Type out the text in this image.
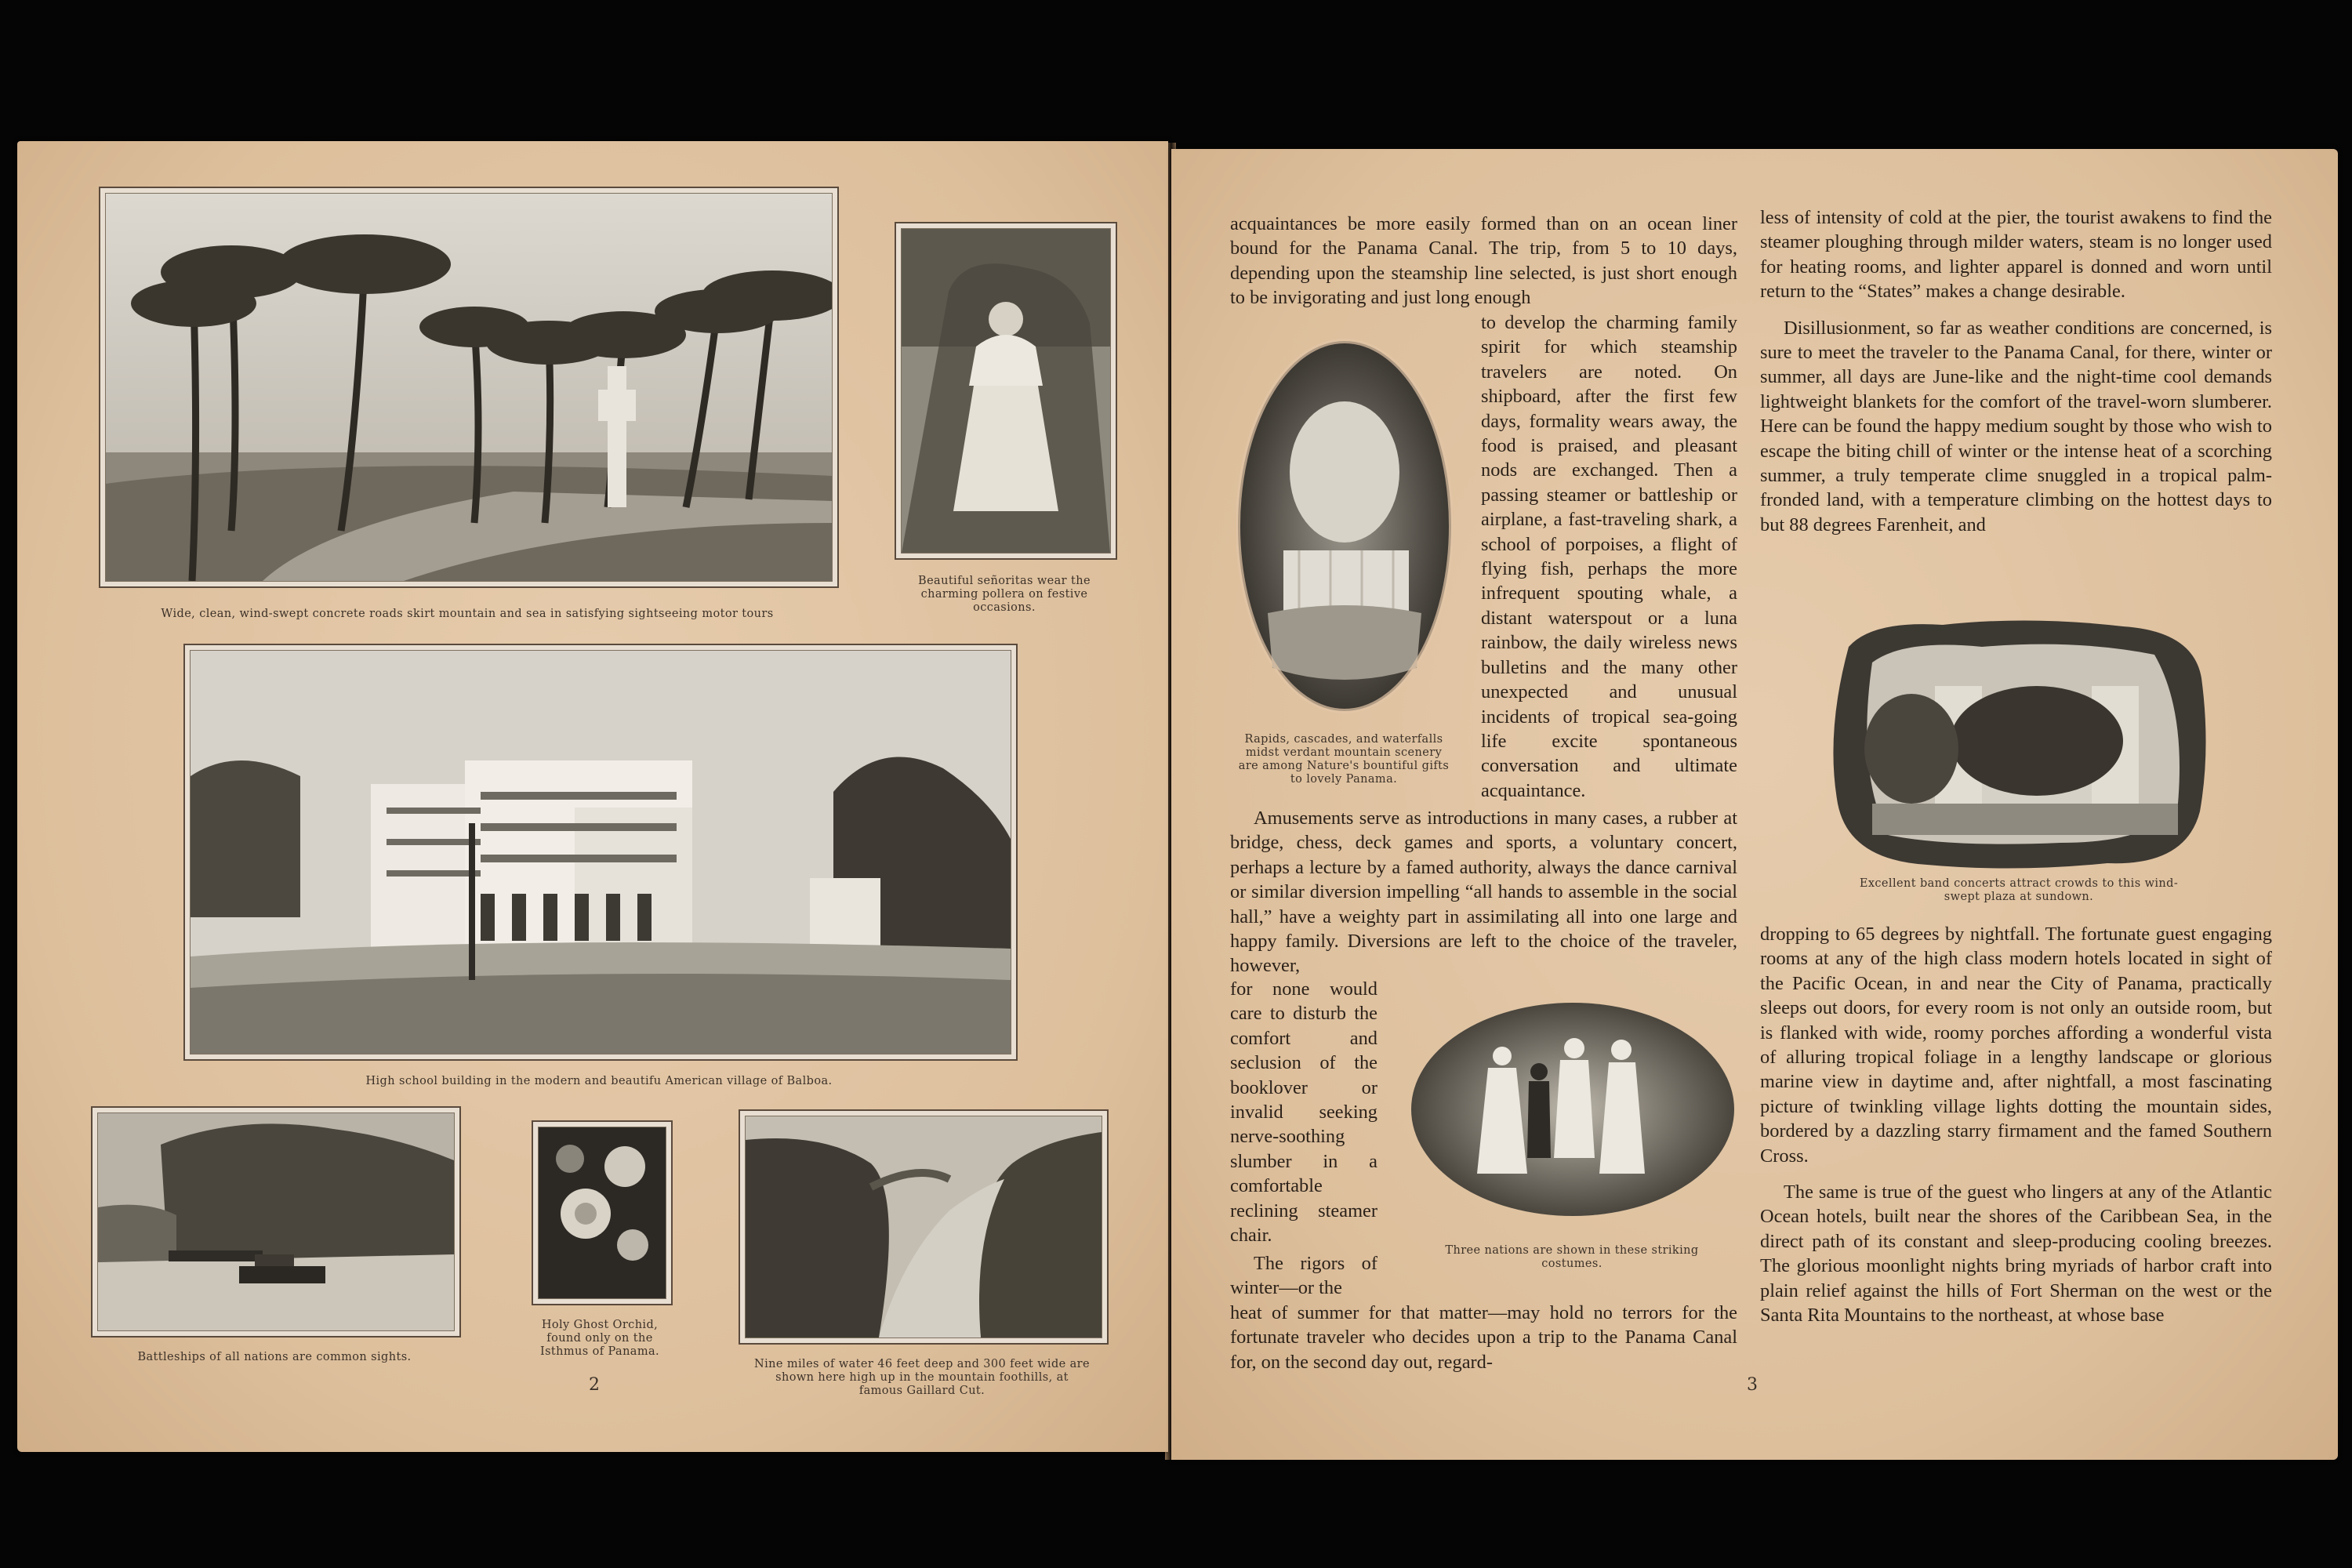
Wide, clean, wind-swept concrete roads skirt mountain and sea in satisfying sightseeing motor tours
Beautiful señoritas wear the charming pollera on festive occasions.
High school building in the modern and beautifu American village of Balboa.
Battleships of all nations are common sights.
Holy Ghost Orchid, found only on the Isthmus of Panama.
Nine miles of water 46 feet deep and 300 feet wide are shown here high up in the mountain foothills, at famous Gaillard Cut.
2

acquaintances be more easily formed than on an ocean liner bound for the Panama Canal. The trip, from 5 to 10 days, depending upon the steamship line selected, is just short enough to be invigorating and just long enough

to develop the charming family spirit for which steamship travelers are noted. On shipboard, after the first few days, formality wears away, the food is praised, and pleasant nods are exchanged. Then a passing steamer or battleship or airplane, a fast-traveling shark, a school of porpoises, a flight of flying fish, perhaps the more infrequent spouting whale, a distant waterspout or a luna rainbow, the daily wireless news bulletins and the many other unexpected and unusual incidents of tropical sea-going life excite spontaneous conversation and ultimate acquaintance.

Amusements serve as introductions in many cases, a rubber at bridge, chess, deck games and sports, a voluntary concert, perhaps a lecture by a famed authority, always the dance carnival or similar diversion impelling “all hands to assemble in the social hall,” have a weighty part in assimilating all into one large and happy family. Diversions are left to the choice of the traveler, however,

for none would care to disturb the comfort and seclusion of the booklover or invalid seeking nerve-soothing slumber in a comfortable reclining steamer chair.

The rigors of winter—or the

heat of summer for that matter—may hold no terrors for the fortunate traveler who decides upon a trip to the Panama Canal for, on the second day out, regard-

Rapids, cascades, and waterfalls midst verdant mountain scenery are among Nature's bountiful gifts to lovely Panama.
Three nations are shown in these striking costumes.

less of intensity of cold at the pier, the tourist awakens to find the steamer ploughing through milder waters, steam is no longer used for heating rooms, and lighter apparel is donned and worn until return to the “States” makes a change desirable.

Disillusionment, so far as weather conditions are concerned, is sure to meet the traveler to the Panama Canal, for there, winter or summer, all days are June-like and the night-time cool demands lightweight blankets for the comfort of the travel-worn slumberer. Here can be found the happy medium sought by those who wish to escape the biting chill of winter or the intense heat of a scorching summer, a truly temperate clime snuggled in a tropical palm-fronded land, with a temperature climbing on the hottest days to but 88 degrees Farenheit, and

Excellent band concerts attract crowds to this wind-swept plaza at sundown.

dropping to 65 degrees by nightfall. The fortunate guest engaging rooms at any of the high class modern hotels located in sight of the Pacific Ocean, in and near the City of Panama, practically sleeps out doors, for every room is not only an outside room, but is flanked with wide, roomy porches affording a wonderful vista of alluring tropical foliage in a lengthy landscape or glorious marine view in daytime and, after nightfall, a most fascinating picture of twinkling village lights dotting the mountain sides, bordered by a dazzling starry firmament and the famed Southern Cross.

The same is true of the guest who lingers at any of the Atlantic Ocean hotels, built near the shores of the Caribbean Sea, in the direct path of its constant and sleep-producing cooling breezes. The glorious moonlight nights bring myriads of harbor craft into plain relief against the hills of Fort Sherman on the west or the Santa Rita Mountains to the northeast, at whose base

3
